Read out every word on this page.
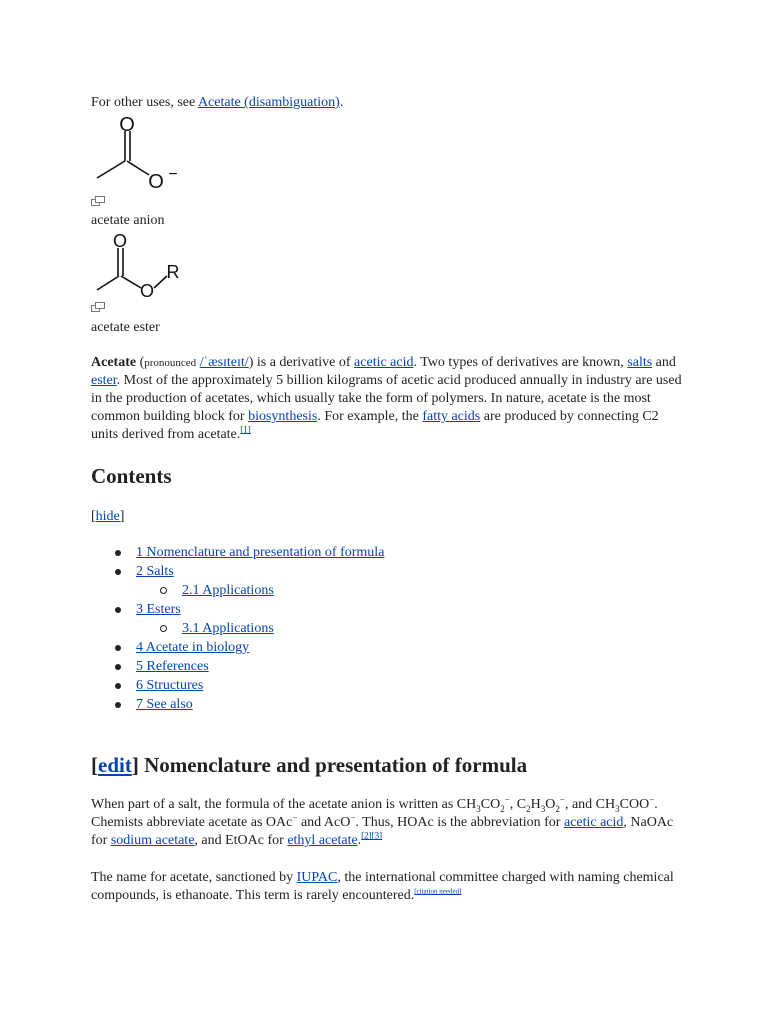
For other uses, see Acetate (disambiguation).
O
O −
acetate anion
O
O
R
acetate ester
Acetate (pronounced /ˈæsɪteɪt/) is a derivative of acetic acid. Two types of derivatives are known, salts and ester. Most of the approximately 5 billion kilograms of acetic acid produced annually in industry are used in the production of acetates, which usually take the form of polymers. In nature, acetate is the most common building block for biosynthesis. For example, the fatty acids are produced by connecting C2 units derived from acetate.[1]
Contents
[hide]
1 Nomenclature and presentation of formula
2 Salts
2.1 Applications
3 Esters
3.1 Applications
4 Acetate in biology
5 References
6 Structures
7 See also
[edit] Nomenclature and presentation of formula
When part of a salt, the formula of the acetate anion is written as $CH_3CO_2^-$, $C_2H_3O_2^-$, and $CH_3COO^-$. Chemists abbreviate acetate as OAc− and AcO−. Thus, HOAc is the abbreviation for acetic acid, NaOAc for sodium acetate, and EtOAc for ethyl acetate.[2][3]
The name for acetate, sanctioned by IUPAC, the international committee charged with naming chemical compounds, is ethanoate. This term is rarely encountered.[citation needed]
